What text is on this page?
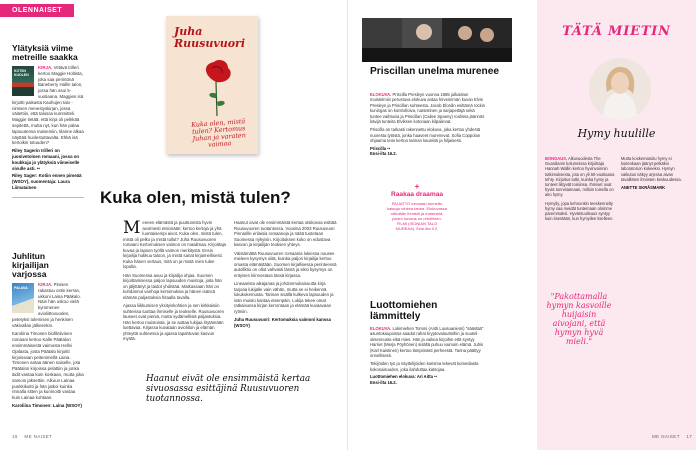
OLENNAISET
Ylätyksiä viime metreille saakka
KOTIIN KUOLEN
KIRJA. Vetävä trilleri kertoo Maggie Holtista, joka saa perintönä Baneberry Hallin talon, jossa hän asui 5-vuotiaana. Maggien isä kirjoitti paikasta Kauhujen talo -nimisen menestyskirjan, jossa väitettiin, että talossa kummitteli. Maggie tietää, että kirja oli pelkkää sepitettä, mutta nyt, kun hän palaa lapsuutensa maisemiin, tilanne alkaa näyttää huolestuttavalta. Ehkä isä kertoikin totuuden?
Riley Sagerin trilleri on juonivetoinen romaani, jossa on koukkuja jo ylätyksiä viimeiselle sivulle asti. ••
Riley Sager: Kotiin ennen pimeää (WSOY), suomentaja: Laura Liimatainen
Juhlitun kirjailijan varjossa
PALAVA
KIRJA. Pinnien rakastuu ostin kerran, ukkoni Laina Pääkalo. Näin hän uskoo vielä kymmenen avioliittovuoden, petetyksi tulemisen ja henkisen väkivallan jälkeenkin.
Karoliina Timosen biofiktiivinen romaani kertoo Kalle Päätalon ensimmäisestä vaimosta Hellvi Ojalasta, josta Päätalo kirjoitti kirjoissaan peitenimellä Laina. Timonen antaa äänen naiselle, jota Päätalon kirjoissa pelattiin ja jonka äidit vastaa kuin koskaan, mutta joka samoin jaksettiin. Alkuun Lainaa punkkikuitti ja hän jatkoi kuinka rinnalla sitten ja kunnioitti vastaa kuin Lainaa kohtaan.
Karoliina Timonen: Laina (WSOY)
Juha Ruusuvuori
Kuka olen, mistä tulen? Kertomus Juhan ja varaten vaimoa
Kuka olen, mistä tulen?
M eneen elämästä ja puuttumista hyvin avoimesti etsinnään: kertoo kertoja ja yhä luontaisempi aivot. Kuka olen, mistä tulen, mistä oli pelko ja mistä tullut? Juha Ruusuvuoren romaani Kertomuksen vaimon on maailmaa. Kirjoittaja kuvaa ja lapsen työllä vaimon merkitystä. Ensin kirjailija hukkuu taloon, ja mistä sanat kirjaimellisesti. Kuka hänen vertaus, mitä on ja mistä mies tulee lopulta.
Hän Suomessa asuu ja kirjailija ohjaa. Suomen kirjoittamisessa paljon lapsuuden muistoja, joita hän on jäljittänyt ja taidot yhdistää. Matkassaan hän on kohdannut vanhoja kertomuksia ja hänen isänsä elämän paljastuksia hitaalla tavalla.
Ajassa liikkumisen yksityiskohtien ja sen kirkkaisiin suhteissa tuottaa ihmiselle ja teokselle. Ruusuvuoren lauseet ovat pieniä, mutta sydämellisiä paljastuksia. Hän kertoo muistoista, ja se auttaa lukijaa löytämään luettavaa. Kirjassa kuvataan avioliiton ja elämän yhteyttä suhteessa ja ajassa tapahtuvan kasvun myötä.
Haanut oivat ole ensimmäistä kertaa otsikossa esittää Ruusuvuoren tuotantossa. Vuosina 2003 Ruusuvuori Pinnarille erilaisia romaaneja ja näitä tuotetaan Suomessa nykyisin. Kirjoituksen koko on edustava kasvun ja kirjailijan teoksen yhteys.
Väistämättä Ruusuvuoren romaania lukiessa nousee mieleen kysymys siitä, kuinka paljon kirjailija kertoo omasta elämästään. Suomen kirjallisessa perinteessä autofiktio on ollut vahvasti läsnä ja siksi kysymys on erityisen kiinnostava tässä kirjassa.
Lineaarista aikajanaa ja johdonmukaisuutta kirja tarjoaa lukijalle vain vähän, mutta se ei heikennä lukukokemusta. Tarinan sisällä kulkeva lapsuuden ja isän muisto kantaa eteenpäin. Lukija tekee omat ratkaisunsa kirjan kerrontaan ja elämää kuvaavaan rytmiin.
Juha Ruusuvuori: Kertomuksia vaimoni kanssa (WSOY)
Haanut eivät ole ensimmäistä kertaa sivuosassa esittäjinä Ruusuvuoren tuotannossa.
16 ME NAISET
Priscillan unelma murenee
ELOKUVA. Priscilla Presleyn vuonna 1985 julkaistun muistelmiin perustuva elokuva antaa hirveimmän kuvan Elvis Presleyn ja Priscillan suhteesta. Jacob Elordin esittämä rockin kuningas on kontrolloiva, narsistinen ja sarjapettäjä sekä tuntee vaihtuvia ja Priscillan (Cailee Spaeny) roolissa jäännös kävijä tunteita Elviksen kotonaan kilpailevat.
Priscilla on tarkasti rakennettu elokuva, joka kertoo yhdestä nuoresta tytöstä, jonka haaveet murenevat. Sofia Coppolan ohjaama teos kertoo tarinan kauniisti ja hiljaisesti.
Priscilla ••
Ensi-ilta 16.2.
+
Raakaa draamaa
PAIJATTO lumoaan tunnettu katsoja rohkea tarina. Elokuvassa nähdään ihmisiä ja maisemia, joiden kuvaus on rehellinen. FILMI (ISONIAN TALO MUREAA). Ensi-ilta 9.2.
Luottomiehen lämmittely
ELOKUVA. Lokimiehen Tommi (Antti Luusuaniemi) "säästää" asuntokaupoissa saadut rahat kryptovaluuttoihin ja suuteli oksennusta eikä mies. Hän ja vaikea kirjoihin että syntyy Harriet (Merja Pöyhönen) sisältä puhuu vaimoin elämä. Juhis (Karl Kaistinen) kertoo lämpimästi perheestä. Tarina päättyy onnellisesti.
Tekijöiden työ ja näyttelijöiden karisma tekevät komediasta kokonaisuuden, joka ilahduttaa katsojaa.
Luottomiehen elokuva: Ari Aitta ••
Ensi-ilta 16.2.
TÄTÄ MIETIN
Hymy huulille
BONGAUS. Alkuvuodesta The Guardianin kolumnissa kirjoittaja Hannah Wallin kertoo hyvinvoinnin tutkimuksesta, jota on yli 50-vuotiaana tehty. Kirjoitus tutki, kuinka hymy ja tunteet liittyvät toisiinsa. Ihmiset ovat hyviä tunnistamaan, milloin toisella on aito hymy.
Hymyily, jopa kehnonkin teeskennelty hymy saa meidät tuntemaan olomme paremmaksi. Hyväntuulisuus syntyy kuin itsestään, kun hymyilee itselleen.
"Pakottamalla hymyn kasvoille huijaisin aivojani, että hymyn hyvä mieli."
Mutta koskematoitu hymy ei kuitenkaan jäänyt pelkäksi laboratorion kokeeksi. Hymyn vaikutus näkyy arjessa aivan tavallisten ihmisten keskuudessa.
ANETTE SKRÅSMARK
ME NAISET 17
